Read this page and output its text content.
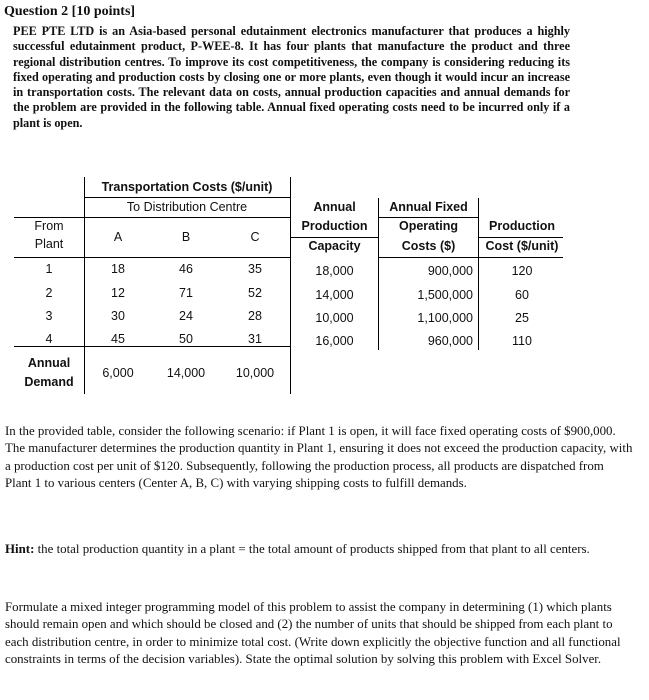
Question 2 [10 points]
PEE PTE LTD is an Asia-based personal edutainment electronics manufacturer that produces a highly successful edutainment product, P-WEE-8. It has four plants that manufacture the product and three regional distribution centres. To improve its cost competitiveness, the company is considering reducing its fixed operating and production costs by closing one or more plants, even though it would incur an increase in transportation costs. The relevant data on costs, annual production capacities and annual demands for the problem are provided in the following table. Annual fixed operating costs need to be incurred only if a plant is open.
Transportation Costs ($/unit)
To Distribution Centre
From
Plant	A	B	C
Annual
Production
Capacity
Annual Fixed
Operating
Costs ($)
Production
Cost ($/unit)
1	18	46	35	18,000	900,000	120
2	12	71	52	14,000	1,500,000	60
3	30	24	28	10,000	1,100,000	25
4	45	50	31	16,000	960,000	110
Annual
Demand
6,000	14,000	10,000
In the provided table, consider the following scenario: if Plant 1 is open, it will face fixed operating costs of $900,000. The manufacturer determines the production quantity in Plant 1, ensuring it does not exceed the production capacity, with a production cost per unit of $120. Subsequently, following the production process, all products are dispatched from Plant 1 to various centers (Center A, B, C) with varying shipping costs to fulfill demands.
Hint: the total production quantity in a plant = the total amount of products shipped from that plant to all centers.
Formulate a mixed integer programming model of this problem to assist the company in determining (1) which plants should remain open and which should be closed and (2) the number of units that should be shipped from each plant to each distribution centre, in order to minimize total cost. (Write down explicitly the objective function and all functional constraints in terms of the decision variables). State the optimal solution by solving this problem with Excel Solver.
